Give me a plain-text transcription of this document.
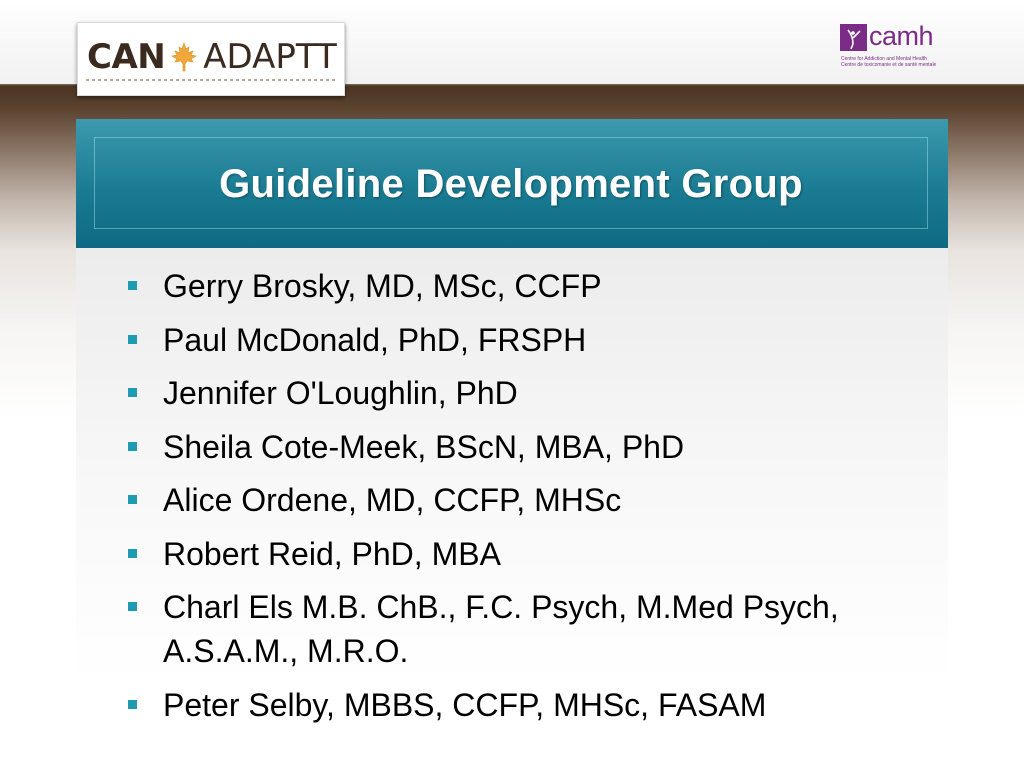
CAN ADAPTT
camh
Centre for Addiction and Mental Health
Centre de toxicomanie et de santé mentale
Guideline Development Group
Gerry Brosky, MD, MSc, CCFP
Paul McDonald, PhD, FRSPH
Jennifer O'Loughlin, PhD
Sheila Cote-Meek, BScN, MBA, PhD
Alice Ordene, MD, CCFP, MHSc
Robert Reid, PhD, MBA
Charl Els M.B. ChB., F.C. Psych, M.Med Psych, A.S.A.M., M.R.O.
Peter Selby, MBBS, CCFP, MHSc, FASAM
